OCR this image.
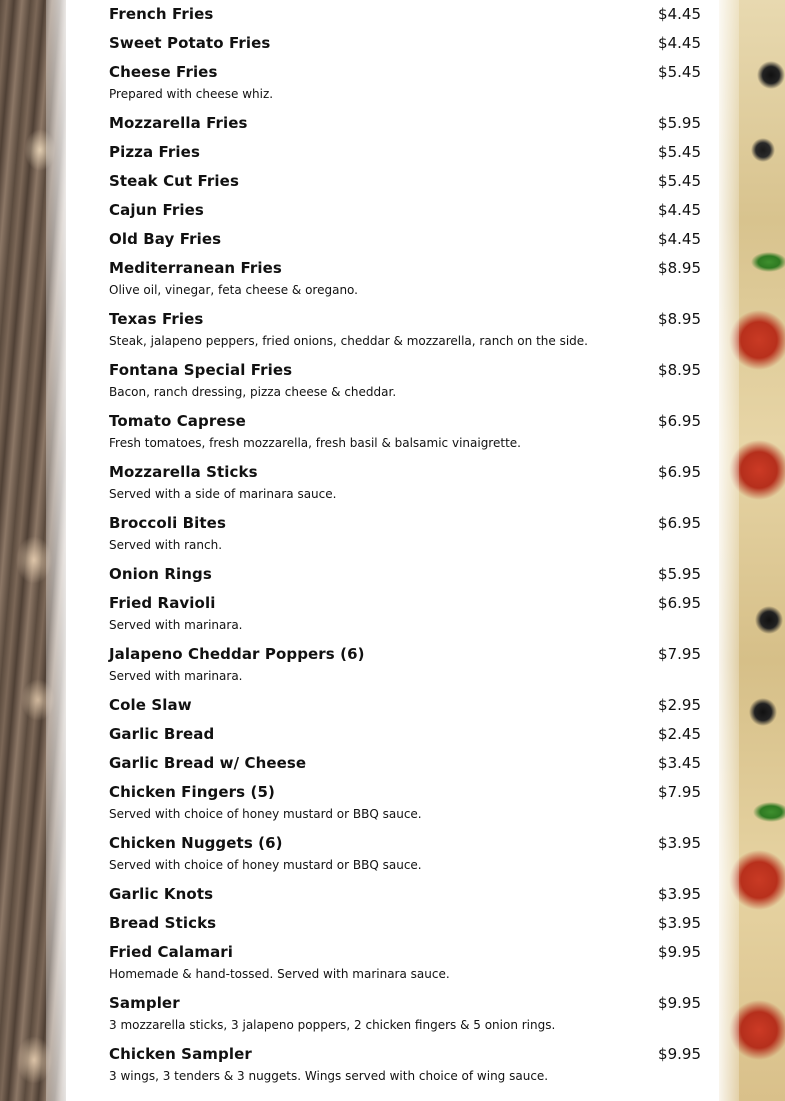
French Fries	$4.45
Sweet Potato Fries	$4.45
Cheese Fries	$5.45
Prepared with cheese whiz.
Mozzarella Fries	$5.95
Pizza Fries	$5.45
Steak Cut Fries	$5.45
Cajun Fries	$4.45
Old Bay Fries	$4.45
Mediterranean Fries	$8.95
Olive oil, vinegar, feta cheese & oregano.
Texas Fries	$8.95
Steak, jalapeno peppers, fried onions, cheddar & mozzarella, ranch on the side.
Fontana Special Fries	$8.95
Bacon, ranch dressing, pizza cheese & cheddar.
Tomato Caprese	$6.95
Fresh tomatoes, fresh mozzarella, fresh basil & balsamic vinaigrette.
Mozzarella Sticks	$6.95
Served with a side of marinara sauce.
Broccoli Bites	$6.95
Served with ranch.
Onion Rings	$5.95
Fried Ravioli	$6.95
Served with marinara.
Jalapeno Cheddar Poppers (6)	$7.95
Served with marinara.
Cole Slaw	$2.95
Garlic Bread	$2.45
Garlic Bread w/ Cheese	$3.45
Chicken Fingers (5)	$7.95
Served with choice of honey mustard or BBQ sauce.
Chicken Nuggets (6)	$3.95
Served with choice of honey mustard or BBQ sauce.
Garlic Knots	$3.95
Bread Sticks	$3.95
Fried Calamari	$9.95
Homemade & hand-tossed. Served with marinara sauce.
Sampler	$9.95
3 mozzarella sticks, 3 jalapeno poppers, 2 chicken fingers & 5 onion rings.
Chicken Sampler	$9.95
3 wings, 3 tenders & 3 nuggets. Wings served with choice of wing sauce.
